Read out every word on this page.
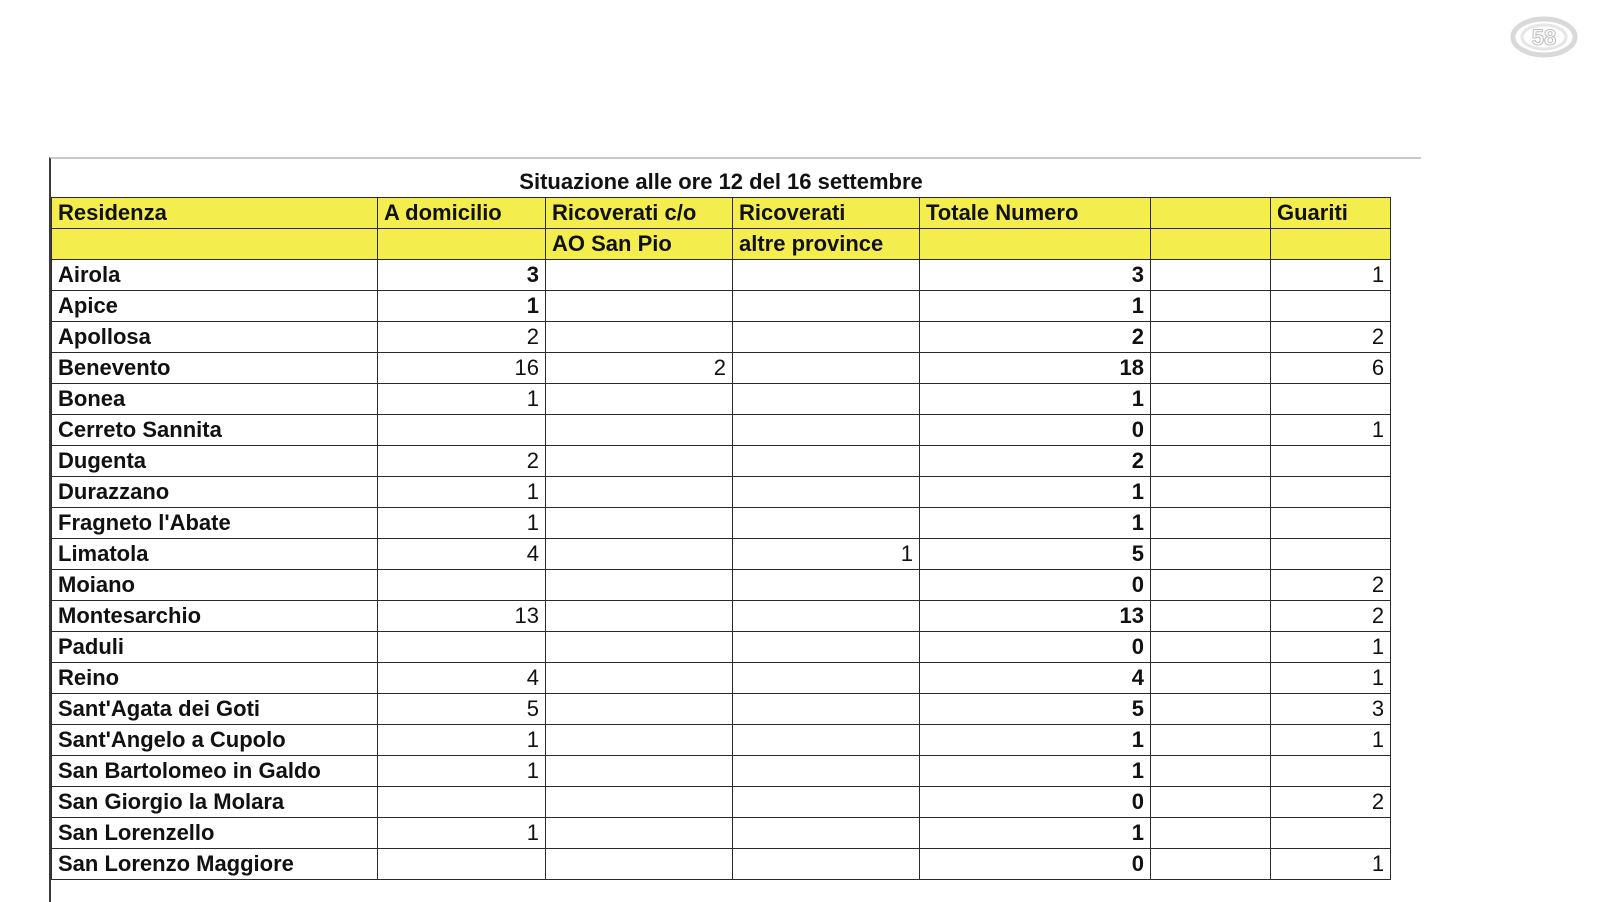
58
Situazione alle ore 12 del 16 settembre							
Residenza	A domicilio	Ricoverati c/o	Ricoverati	Totale Numero		Guariti	
		AO San Pio	altre province				
Airola	3			3		1	
Apice	1			1			
Apollosa	2			2		2	
Benevento	16	2		18		6	
Bonea	1			1			
Cerreto Sannita				0		1	
Dugenta	2			2			
Durazzano	1			1			
Fragneto l'Abate	1			1			
Limatola	4		1	5			
Moiano				0		2	
Montesarchio	13			13		2	
Paduli				0		1	
Reino	4			4		1	
Sant'Agata dei Goti	5			5		3	
Sant'Angelo a Cupolo	1			1		1	
San Bartolomeo in Galdo	1			1			
San Giorgio la Molara				0		2	
San Lorenzello	1			1			
San Lorenzo Maggiore				0		1	
